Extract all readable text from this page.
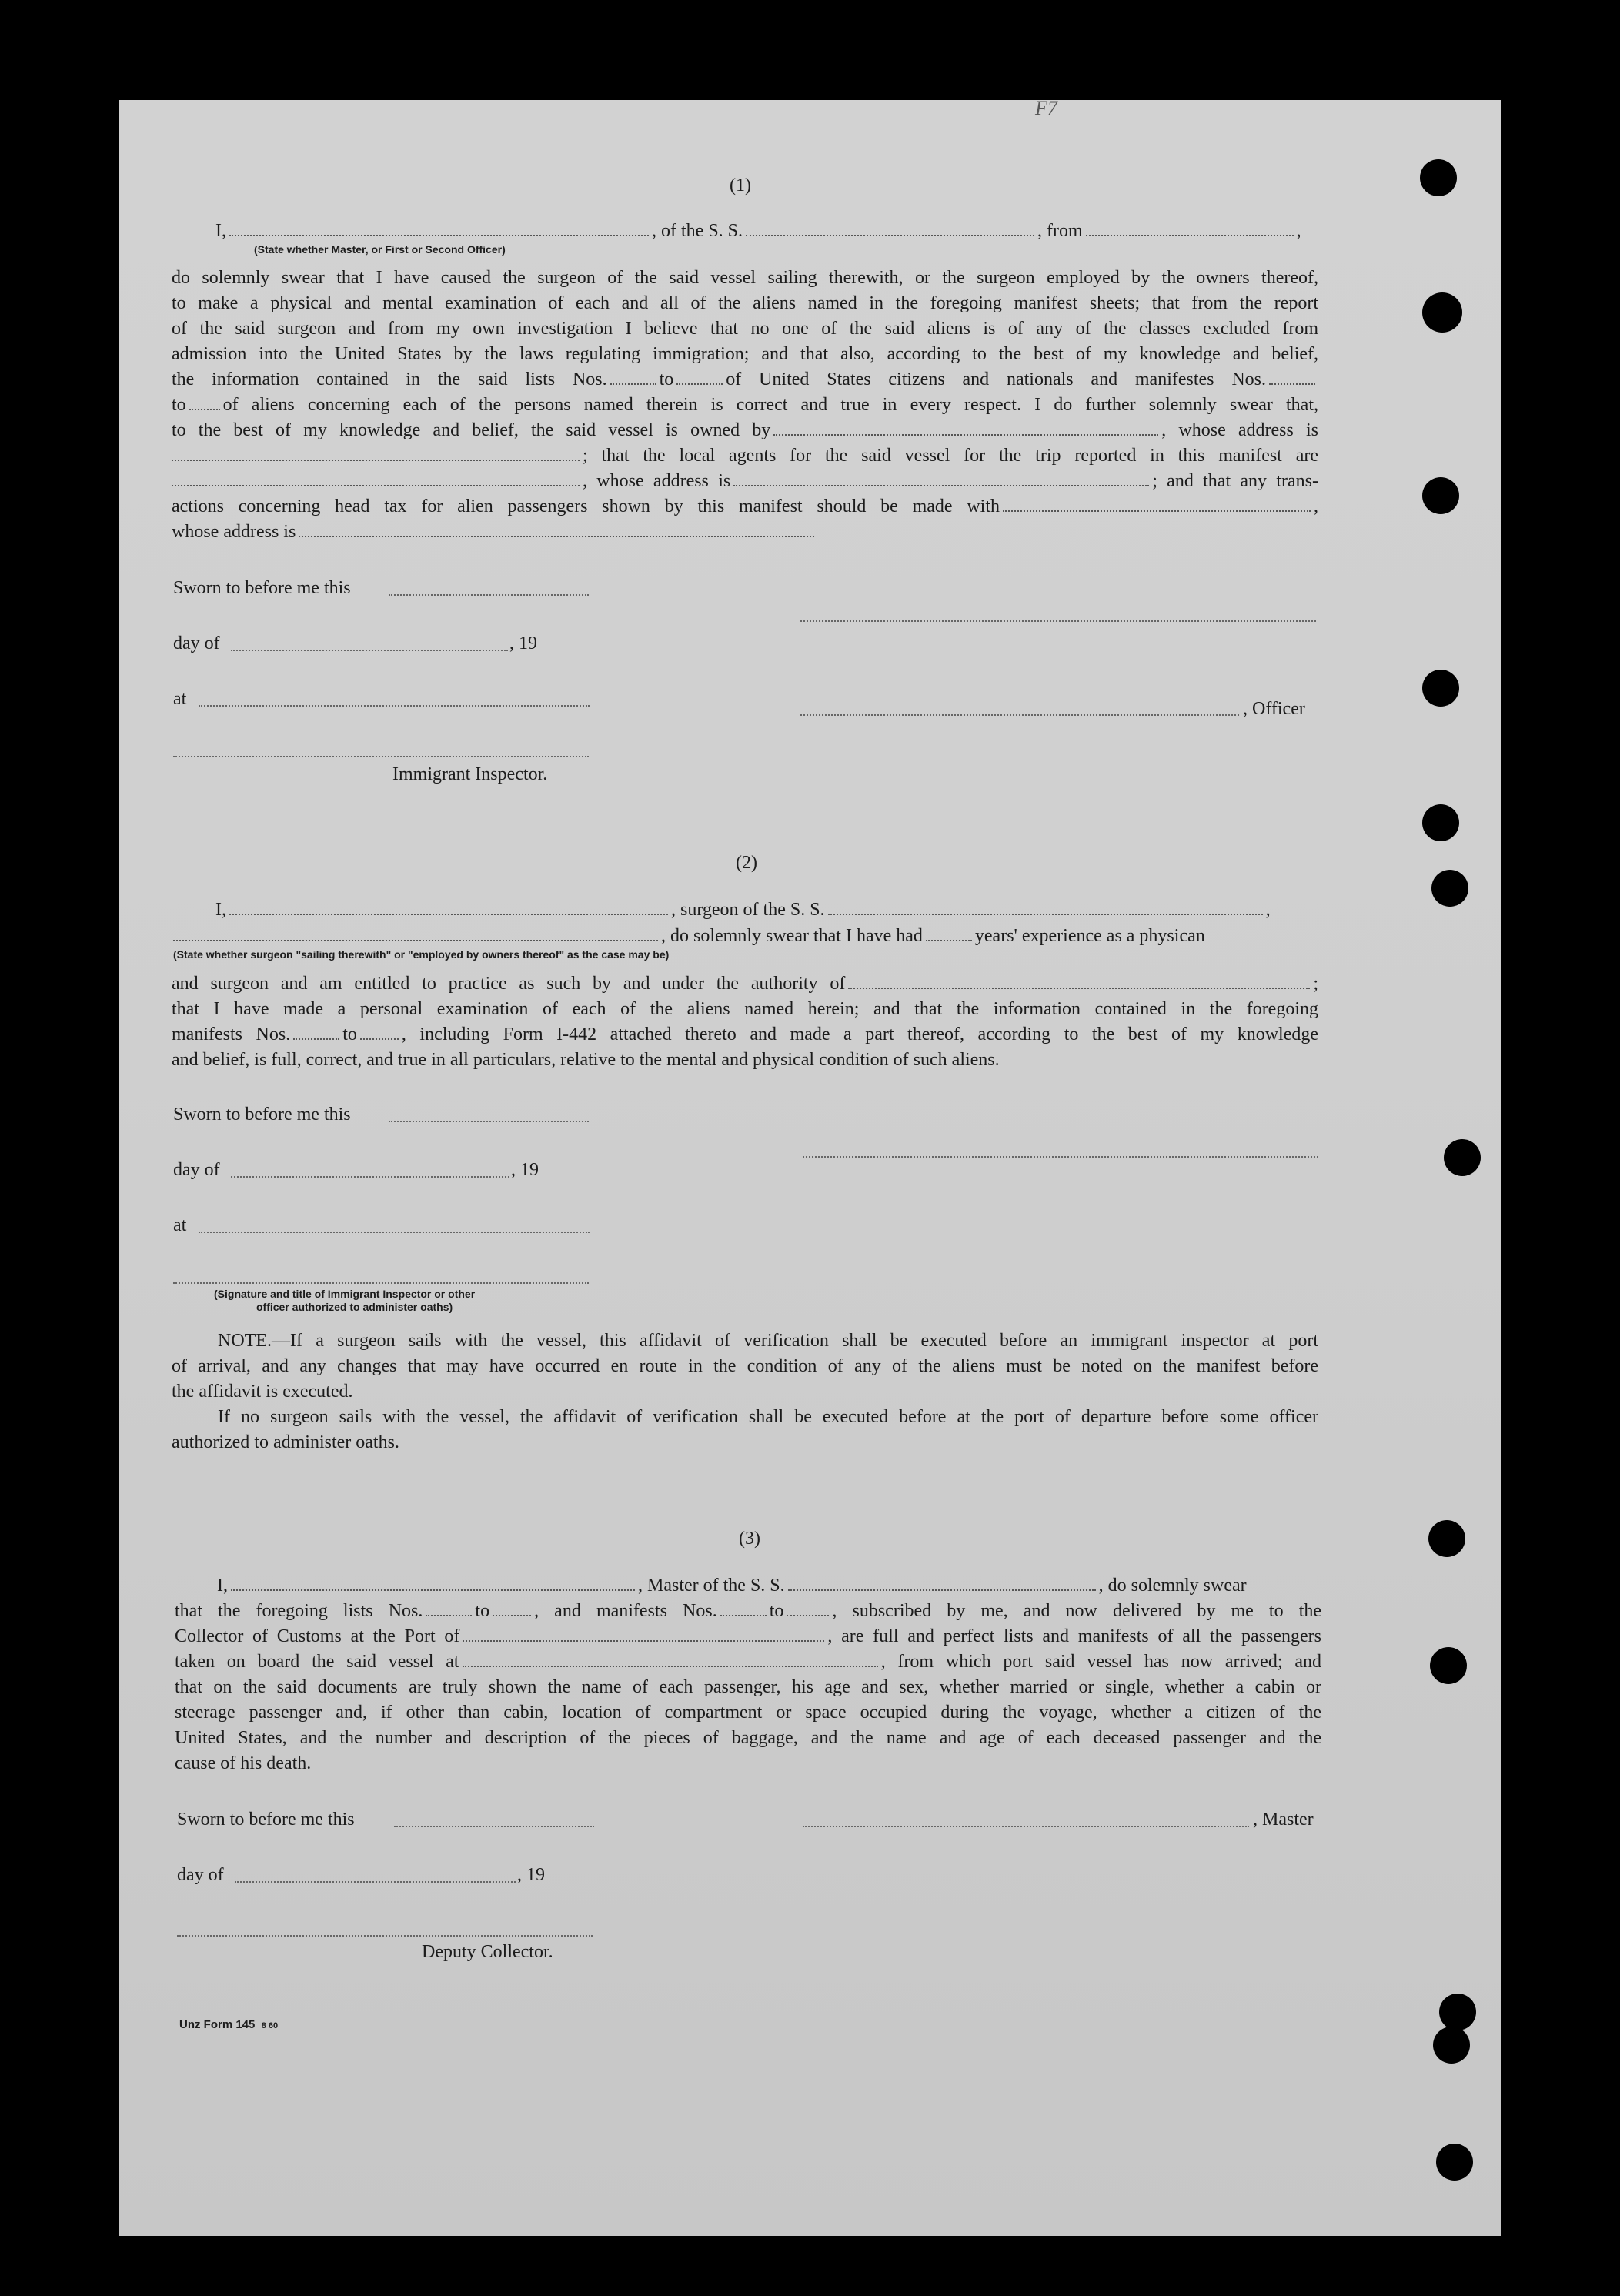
F7
(1)
I,	, of the S. S.	, from	,
(State whether Master, or First or Second Officer)
do solemnly swear that I have caused the surgeon of the said vessel sailing therewith, or the surgeon employed by the owners thereof,
to make a physical and mental examination of each and all of the aliens named in the foregoing manifest sheets; that from the report
of the said surgeon and from my own investigation I believe that no one of the said aliens is of any of the classes excluded from
admission into the United States by the laws regulating immigration; and that also, according to the best of my knowledge and belief,
the information contained in the said lists Nos.	to	of United States citizens and nationals and manifestes Nos.
to of aliens concerning each of the persons named therein is correct and true in every respect. I do further solemnly swear that,
to the best of my knowledge and belief, the said vessel is owned by	, whose address is
; that the local agents for the said vessel for the trip reported in this manifest are
, whose address is	; and that any trans-
actions concerning head tax for alien passengers shown by this manifest should be made with	,
whose address is
Sworn to before me this
day of	, 19
at	, Officer
Immigrant Inspector.
(2)
I,	, surgeon of the S. S.	,
, do solemnly swear that I have had	years' experience as a physican
(State whether surgeon "sailing therewith" or "employed by owners thereof" as the case may be)
and surgeon and am entitled to practice as such by and under the authority of	;
that I have made a personal examination of each of the aliens named herein; and that the information contained in the foregoing
manifests Nos.	to , including Form I-442 attached thereto and made a part thereof, according to the best of my knowledge
and belief, is full, correct, and true in all particulars, relative to the mental and physical condition of such aliens.
Sworn to before me this
day of	, 19
at
(Signature and title of Immigrant Inspector or other
officer authorized to administer oaths)
NOTE.—If a surgeon sails with the vessel, this affidavit of verification shall be executed before an immigrant inspector at port
of arrival, and any changes that may have occurred en route in the condition of any of the aliens must be noted on the manifest before
the affidavit is executed.
If no surgeon sails with the vessel, the affidavit of verification shall be executed before at the port of departure before some officer
authorized to administer oaths.
(3)
I,	, Master of the S. S.	, do solemnly swear
that the foregoing lists Nos.	to , and manifests Nos.	to	, subscribed by me, and now delivered by me to the
Collector of Customs at the Port of	, are full and perfect lists and manifests of all the passengers
taken on board the said vessel at	, from which port said vessel has now arrived; and
that on the said documents are truly shown the name of each passenger, his age and sex, whether married or single, whether a cabin or
steerage passenger and, if other than cabin, location of compartment or space occupied during the voyage, whether a citizen of the
United States, and the number and description of the pieces of baggage, and the name and age of each deceased passenger and the
cause of his death.
Sworn to before me this	, Master
day of	, 19
Deputy Collector.
Unz Form 145 8 60
